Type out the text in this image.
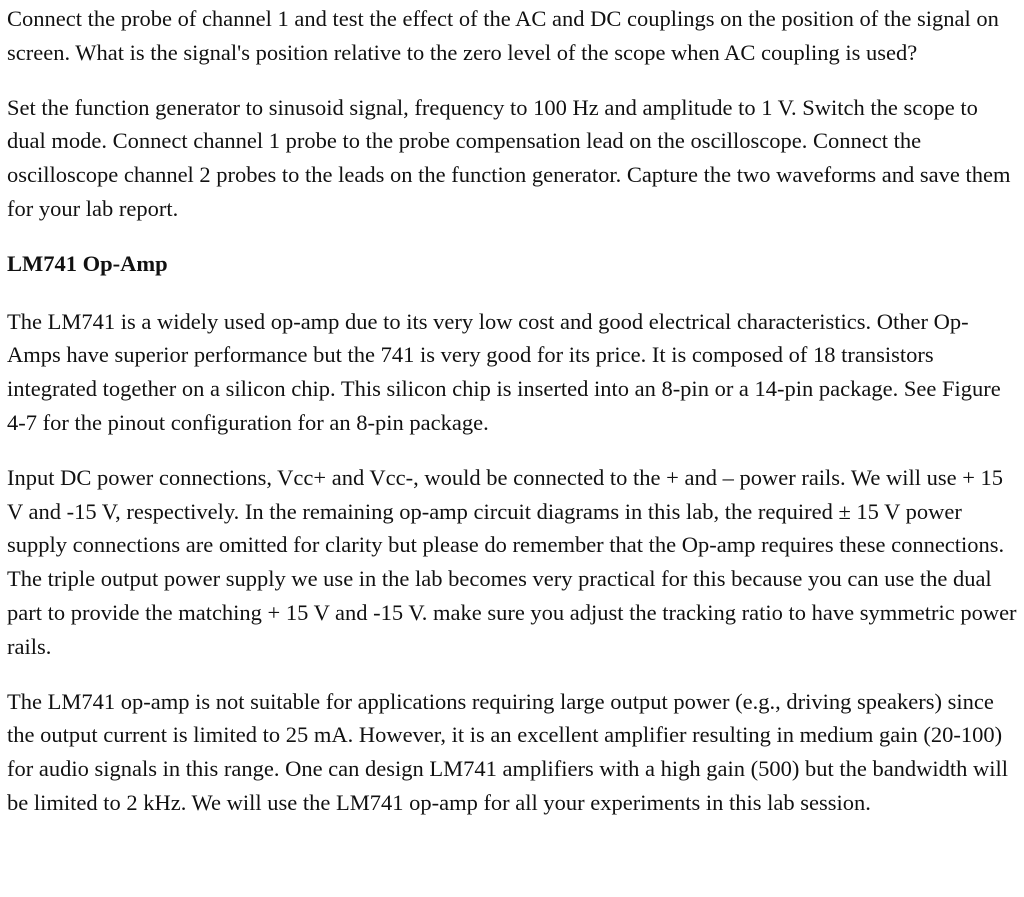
Connect the probe of channel 1 and test the effect of the AC and DC couplings on the position of the signal on screen. What is the signal's position relative to the zero level of the scope when AC coupling is used?

Set the function generator to sinusoid signal, frequency to 100 Hz and amplitude to 1 V. Switch the scope to dual mode. Connect channel 1 probe to the probe compensation lead on the oscilloscope. Connect the oscilloscope channel 2 probes to the leads on the function generator. Capture the two waveforms and save them for your lab report.

LM741 Op-Amp

The LM741 is a widely used op-amp due to its very low cost and good electrical characteristics. Other Op-Amps have superior performance but the 741 is very good for its price. It is composed of 18 transistors integrated together on a silicon chip. This silicon chip is inserted into an 8-pin or a 14-pin package. See Figure 4-7 for the pinout configuration for an 8-pin package.

Input DC power connections, Vcc+ and Vcc-, would be connected to the + and – power rails. We will use + 15 V and -15 V, respectively. In the remaining op-amp circuit diagrams in this lab, the required ± 15 V power supply connections are omitted for clarity but please do remember that the Op-amp requires these connections. The triple output power supply we use in the lab becomes very practical for this because you can use the dual part to provide the matching + 15 V and -15 V. make sure you adjust the tracking ratio to have symmetric power rails.

The LM741 op-amp is not suitable for applications requiring large output power (e.g., driving speakers) since the output current is limited to 25 mA. However, it is an excellent amplifier resulting in medium gain (20-100) for audio signals in this range. One can design LM741 amplifiers with a high gain (500) but the bandwidth will be limited to 2 kHz. We will use the LM741 op-amp for all your experiments in this lab session.
